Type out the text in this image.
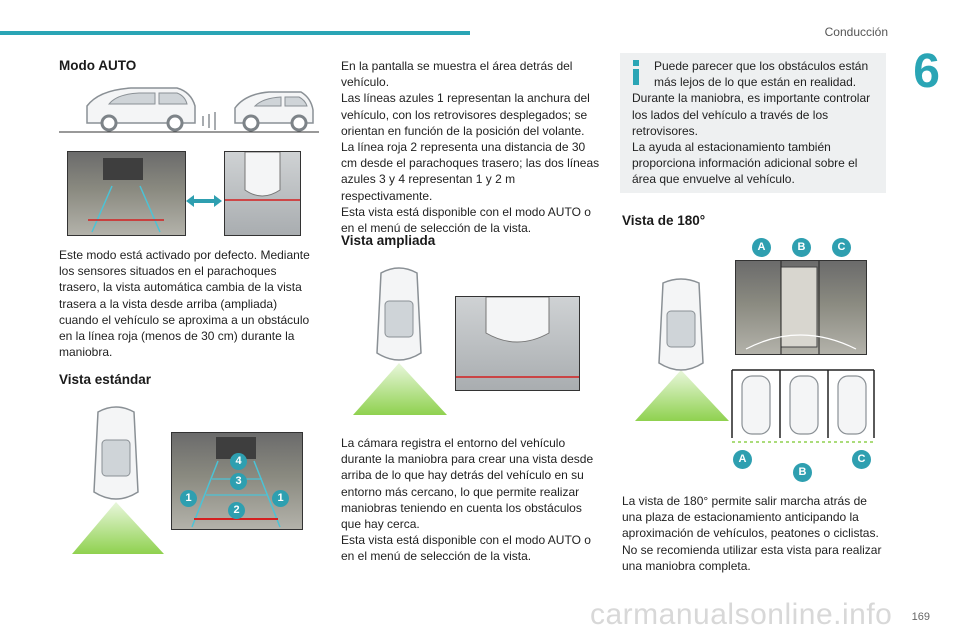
Conducción
6
Modo AUTO
Este modo está activado por defecto. Mediante los sensores situados en el parachoques trasero, la vista automática cambia de la vista trasera a la vista desde arriba (ampliada) cuando el vehículo se aproxima a un obstáculo en la línea roja (menos de 30 cm) durante la maniobra.
Vista estándar
4
3
1	1
2

En la pantalla se muestra el área detrás del vehículo.

Las líneas azules 1 representan la anchura del vehículo, con los retrovisores desplegados; se orientan en función de la posición del volante.

La línea roja 2 representa una distancia de 30 cm desde el parachoques trasero; las dos líneas azules 3 y 4 representan 1 y 2 m respectivamente.

Esta vista está disponible con el modo AUTO o en el menú de selección de la vista.

Vista ampliada

La cámara registra el entorno del vehículo durante la maniobra para crear una vista desde arriba de lo que hay detrás del vehículo en su entorno más cercano, lo que permite realizar maniobras teniendo en cuenta los obstáculos que hay cerca.

Esta vista está disponible con el modo AUTO o en el menú de selección de la vista.

Puede parecer que los obstáculos están más lejos de lo que están en realidad.

Durante la maniobra, es importante controlar los lados del vehículo a través de los retrovisores.

La ayuda al estacionamiento también proporciona información adicional sobre el área que envuelve al vehículo.

Vista de 180°
A	B	C
A
B
C

La vista de 180° permite salir marcha atrás de una plaza de estacionamiento anticipando la aproximación de vehículos, peatones o ciclistas.

No se recomienda utilizar esta vista para realizar una maniobra completa.

carmanualsonline.info 169
